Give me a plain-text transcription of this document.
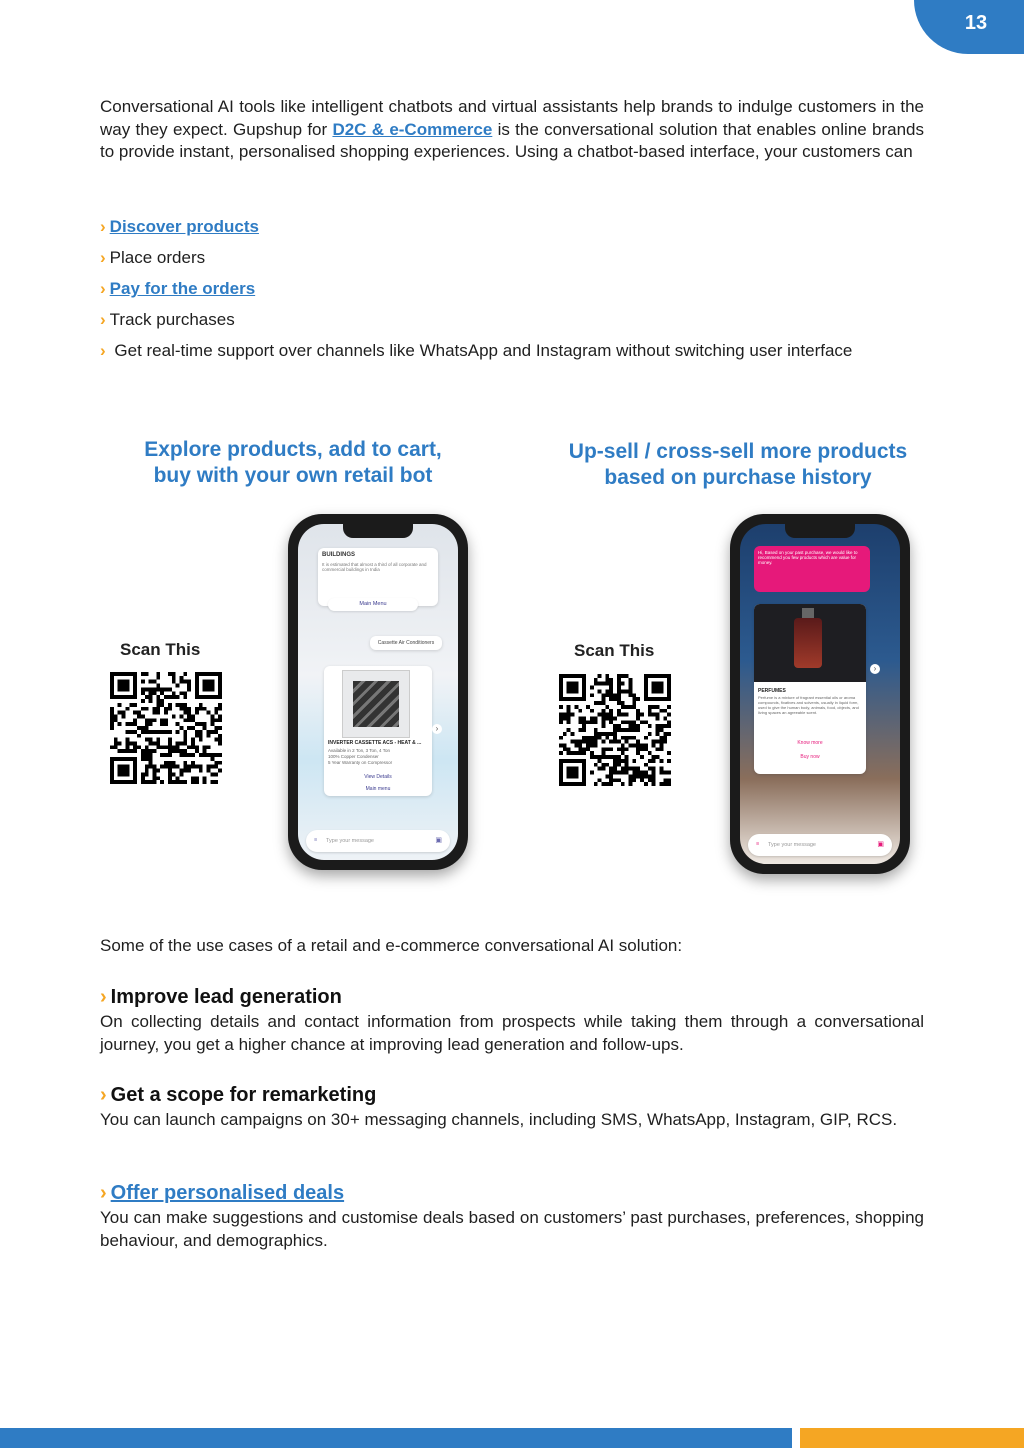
13
Conversational AI tools like intelligent chatbots and virtual assistants help brands to indulge customers in the way they expect. Gupshup for D2C & e-Commerce is the conversational solution that enables online brands to provide instant, personalised shopping experiences. Using a chatbot-based interface, your customers can
› Discover products
› Place orders
› Pay for the orders
› Track purchases
› Get real-time support over channels like WhatsApp and Instagram without switching user interface
Explore products, add to cart,
buy with your own retail bot
Up-sell / cross-sell more products
based on purchase history
Scan This	Scan This
BUILDINGS
It is estimated that almost a third of all corporate and commercial buildings in India
Main Menu
Cassette Air Conditioners
INVERTER CASSETTE ACS - HEAT & ...
Available in 2 Ton, 3 Ton, 4 Ton
100% Copper Condenser
5 Year Warranty on Compressor
View Details
Main menu
›
≡ Type your message	▣
Hi, Based on your past purchase, we would like to recommend you few products which are value for money.
PERFUMES
Perfume is a mixture of fragrant essential oils or aroma compounds, fixatives and solvents, usually in liquid form, used to give the human body, animals, food, objects, and living spaces an agreeable scent.
Know more
Buy now
›
≡ Type your message	▣
Some of the use cases of a retail and e-commerce conversational AI solution:
› Improve lead generation
On collecting details and contact information from prospects while taking them through a conversational journey, you get a higher chance at improving lead generation and follow-ups.
› Get a scope for remarketing
You can launch campaigns on 30+ messaging channels, including SMS, WhatsApp, Instagram, GIP, RCS.
› Offer personalised deals
You can make suggestions and customise deals based on customers’ past purchases, preferences, shopping behaviour, and demographics.
